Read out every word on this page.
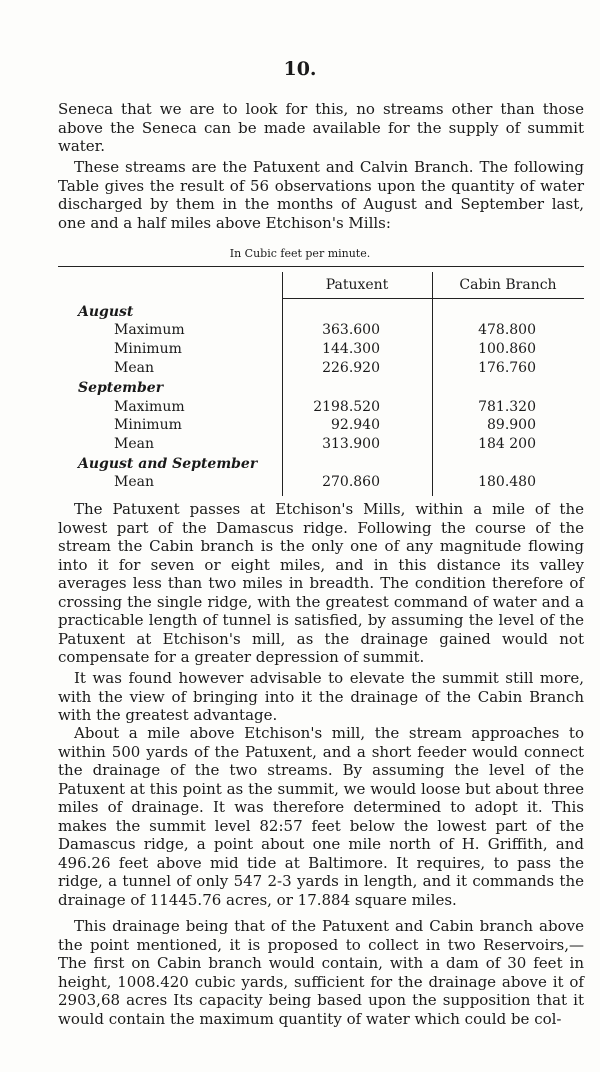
10.

Seneca that we are to look for this, no streams other than those above the Seneca can be made available for the supply of summit water.

These streams are the Patuxent and Calvin Branch. The following Table gives the result of 56 observations upon the quantity of water discharged by them in the months of August and September last, one and a half miles above Etchison's Mills:

In Cubic feet per minute.
Patuxent	Cabin Branch
August
Maximum	363.600	478.800
Minimum	144.300	100.860
Mean	226.920	176.760
September
Maximum	2198.520	781.320
Minimum	92.940	89.900
Mean	313.900	184 200
August and September
Mean	270.860	180.480

The Patuxent passes at Etchison's Mills, within a mile of the lowest part of the Damascus ridge. Following the course of the stream the Cabin branch is the only one of any magnitude flowing into it for seven or eight miles, and in this distance its valley averages less than two miles in breadth. The condition therefore of crossing the single ridge, with the greatest command of water and a practicable length of tunnel is satisfied, by assuming the level of the Patuxent at Etchison's mill, as the drainage gained would not compensate for a greater depression of summit.

It was found however advisable to elevate the summit still more, with the view of bringing into it the drainage of the Cabin Branch with the greatest advantage.

About a mile above Etchison's mill, the stream approaches to within 500 yards of the Patuxent, and a short feeder would connect the drainage of the two streams. By assuming the level of the Patuxent at this point as the summit, we would loose but about three miles of drainage. It was therefore determined to adopt it. This makes the summit level 82:57 feet below the lowest part of the Damascus ridge, a point about one mile north of H. Griffith, and 496.26 feet above mid tide at Baltimore. It requires, to pass the ridge, a tunnel of only 547 2-3 yards in length, and it commands the drainage of 11445.76 acres, or 17.884 square miles.

This drainage being that of the Patuxent and Cabin branch above the point mentioned, it is proposed to collect in two Reservoirs,— The first on Cabin branch would contain, with a dam of 30 feet in height, 1008.420 cubic yards, sufficient for the drainage above it of 2903,68 acres Its capacity being based upon the supposition that it would contain the maximum quantity of water which could be col-
